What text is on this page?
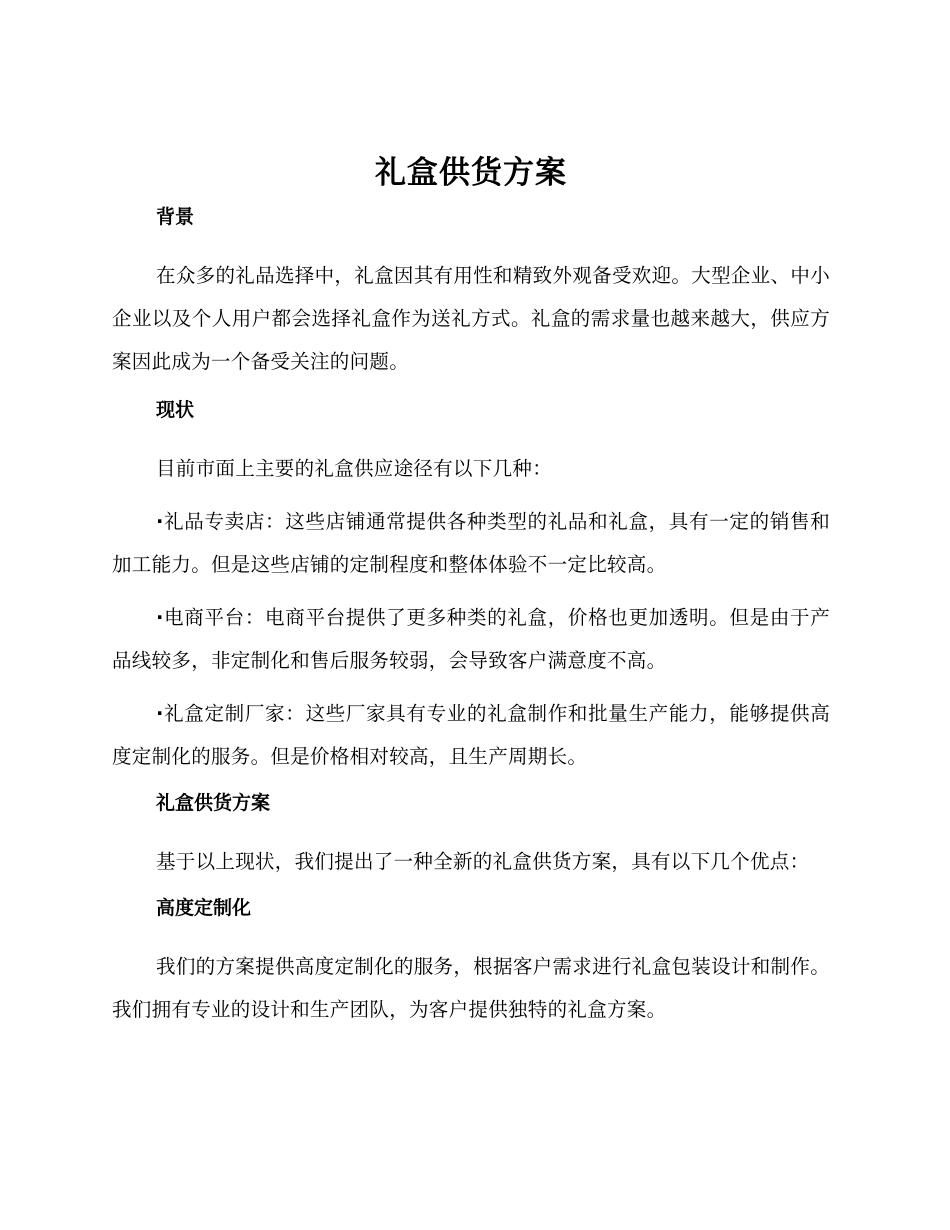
礼盒供货方案
背景

在众多的礼品选择中，礼盒因其有用性和精致外观备受欢迎。大型企业、中小企业以及个人用户都会选择礼盒作为送礼方式。礼盒的需求量也越来越大，供应方案因此成为一个备受关注的问题。

现状

目前市面上主要的礼盒供应途径有以下几种：

·礼品专卖店：这些店铺通常提供各种类型的礼品和礼盒，具有一定的销售和加工能力。但是这些店铺的定制程度和整体体验不一定比较高。

·电商平台：电商平台提供了更多种类的礼盒，价格也更加透明。但是由于产品线较多，非定制化和售后服务较弱，会导致客户满意度不高。

·礼盒定制厂家：这些厂家具有专业的礼盒制作和批量生产能力，能够提供高度定制化的服务。但是价格相对较高，且生产周期长。

礼盒供货方案

基于以上现状，我们提出了一种全新的礼盒供货方案，具有以下几个优点：

高度定制化

我们的方案提供高度定制化的服务，根据客户需求进行礼盒包装设计和制作。我们拥有专业的设计和生产团队，为客户提供独特的礼盒方案。
